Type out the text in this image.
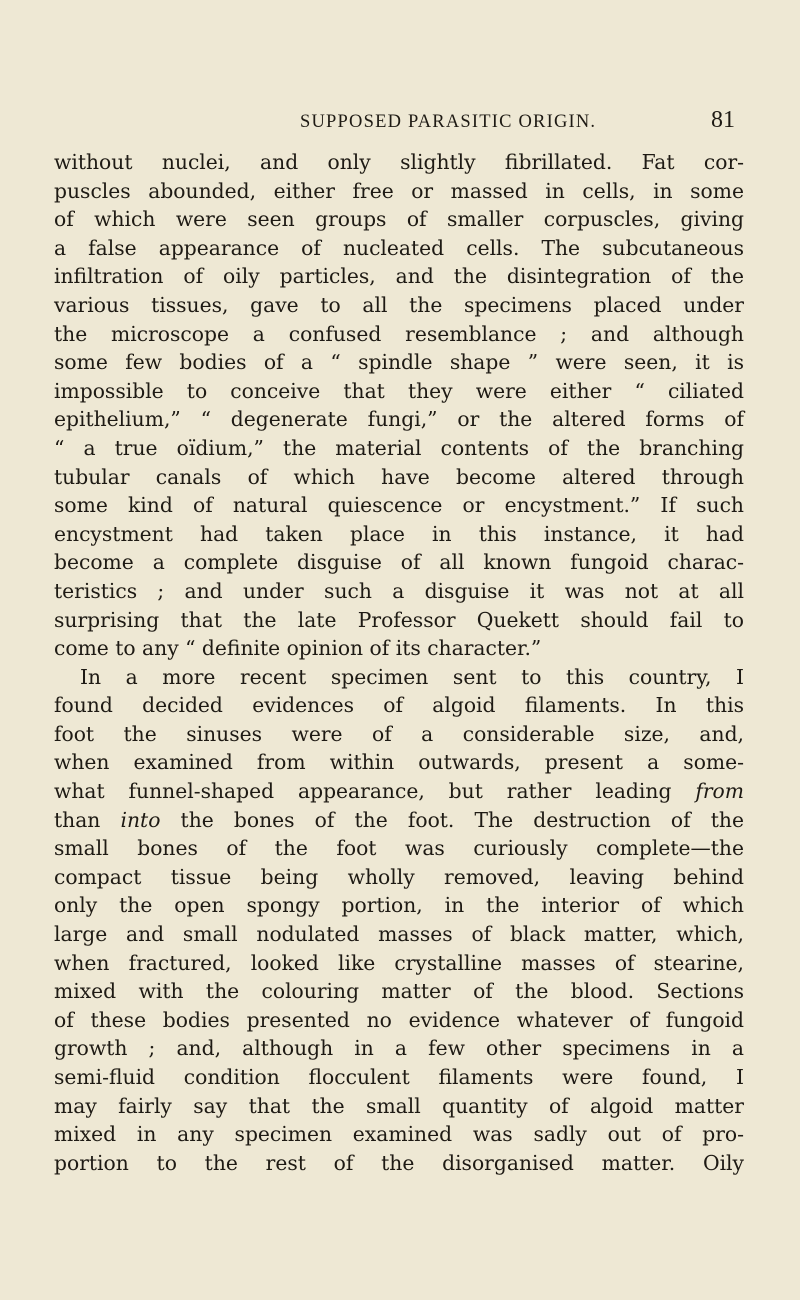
SUPPOSED PARASITIC ORIGIN.	81
without nuclei, and only slightly fibrillated. Fat cor-
puscles abounded, either free or massed in cells, in some
of which were seen groups of smaller corpuscles, giving
a false appearance of nucleated cells. The subcutaneous
infiltration of oily particles, and the disintegration of the
various tissues, gave to all the specimens placed under
the microscope a confused resemblance ; and although
some few bodies of a “ spindle shape ” were seen, it is
impossible to conceive that they were either “ ciliated
epithelium,” “ degenerate fungi,” or the altered forms of
“ a true oïdium,” the material contents of the branching
tubular canals of which have become altered through
some kind of natural quiescence or encystment.” If such
encystment had taken place in this instance, it had
become a complete disguise of all known fungoid charac-
teristics ; and under such a disguise it was not at all
surprising that the late Professor Quekett should fail to
come to any “ definite opinion of its character.”
In a more recent specimen sent to this country, I
found decided evidences of algoid filaments. In this
foot the sinuses were of a considerable size, and,
when examined from within outwards, present a some-
what funnel-shaped appearance, but rather leading from
than into the bones of the foot. The destruction of the
small bones of the foot was curiously complete—the
compact tissue being wholly removed, leaving behind
only the open spongy portion, in the interior of which
large and small nodulated masses of black matter, which,
when fractured, looked like crystalline masses of stearine,
mixed with the colouring matter of the blood. Sections
of these bodies presented no evidence whatever of fungoid
growth ; and, although in a few other specimens in a
semi-fluid condition flocculent filaments were found, I
may fairly say that the small quantity of algoid matter
mixed in any specimen examined was sadly out of pro-
portion to the rest of the disorganised matter. Oily
